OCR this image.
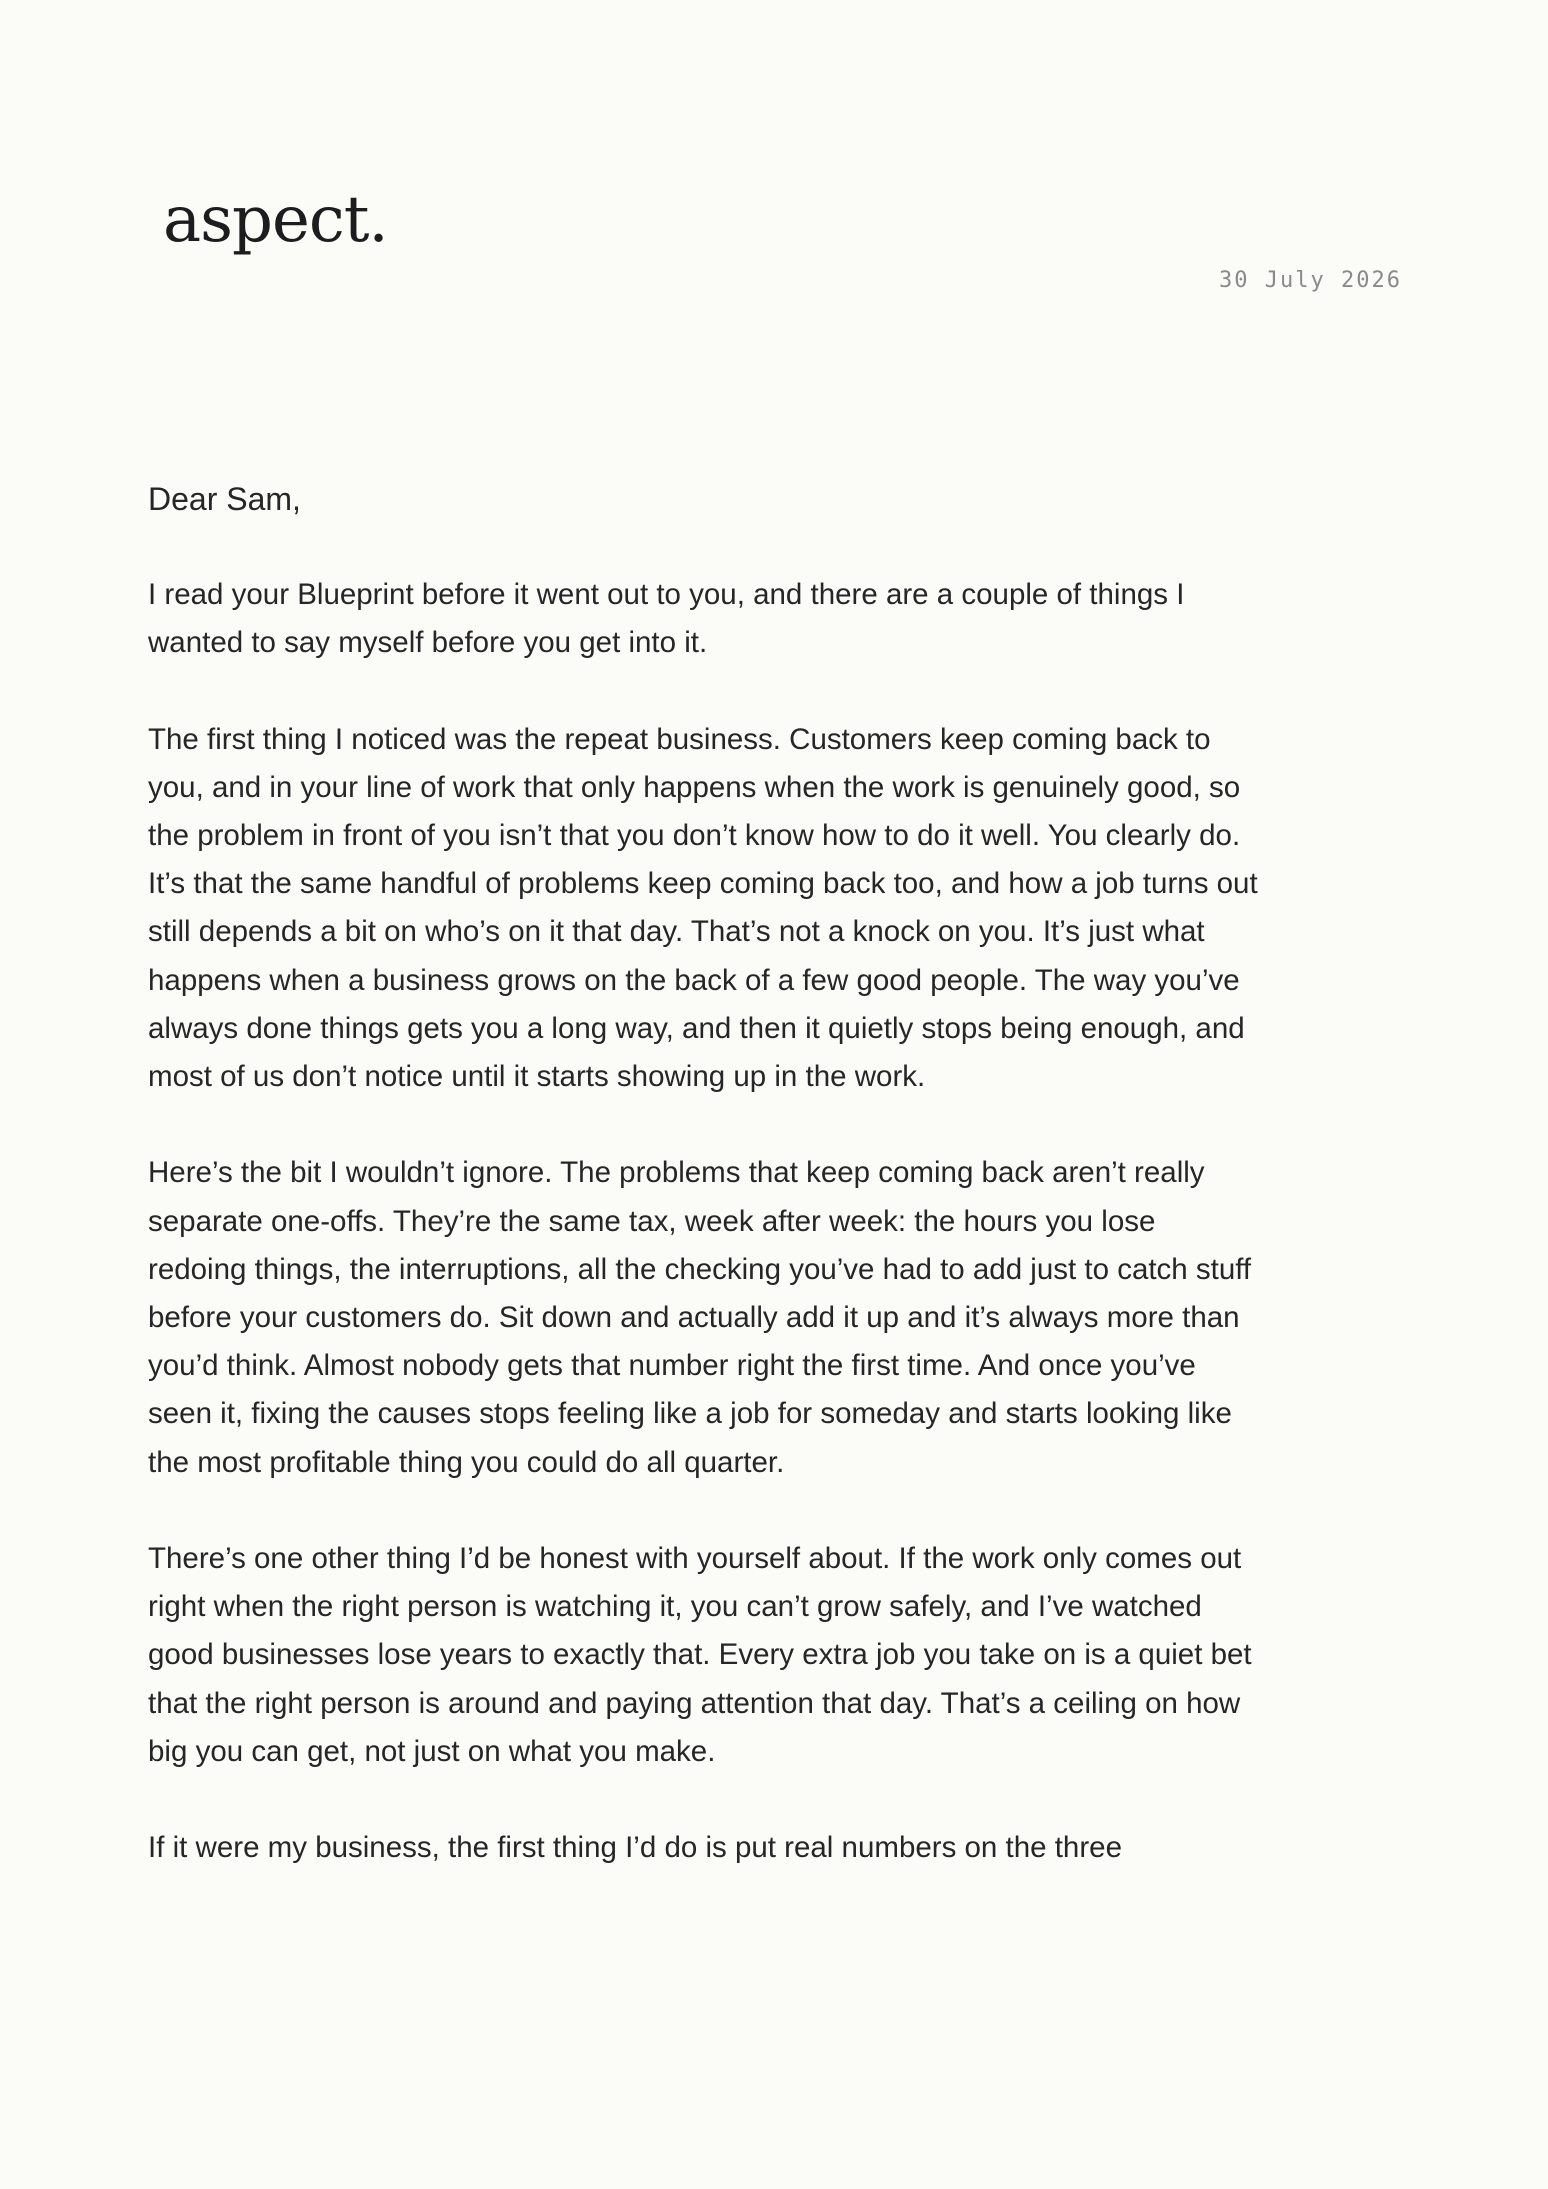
aspect.
30 July 2026

Dear Sam,

I read your Blueprint before it went out to you, and there are a couple of things I wanted to say myself before you get into it.

The first thing I noticed was the repeat business. Customers keep coming back to you, and in your line of work that only happens when the work is genuinely good, so the problem in front of you isn’t that you don’t know how to do it well. You clearly do. It’s that the same handful of problems keep coming back too, and how a job turns out still depends a bit on who’s on it that day. That’s not a knock on you. It’s just what happens when a business grows on the back of a few good people. The way you’ve always done things gets you a long way, and then it quietly stops being enough, and most of us don’t notice until it starts showing up in the work.

Here’s the bit I wouldn’t ignore. The problems that keep coming back aren’t really separate one-offs. They’re the same tax, week after week: the hours you lose redoing things, the interruptions, all the checking you’ve had to add just to catch stuff before your customers do. Sit down and actually add it up and it’s always more than you’d think. Almost nobody gets that number right the first time. And once you’ve seen it, fixing the causes stops feeling like a job for someday and starts looking like the most profitable thing you could do all quarter.

There’s one other thing I’d be honest with yourself about. If the work only comes out right when the right person is watching it, you can’t grow safely, and I’ve watched good businesses lose years to exactly that. Every extra job you take on is a quiet bet that the right person is around and paying attention that day. That’s a ceiling on how big you can get, not just on what you make.

If it were my business, the first thing I’d do is put real numbers on the three
